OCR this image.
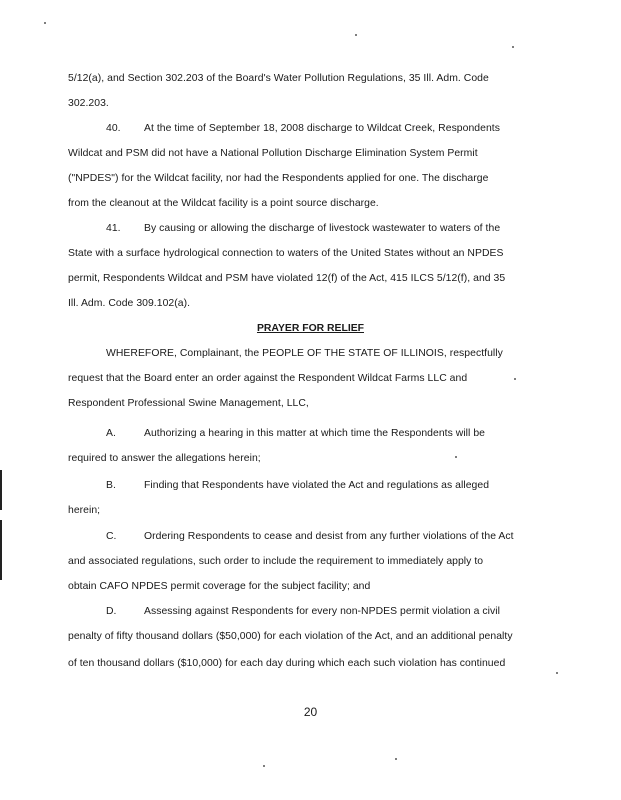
5/12(a), and Section 302.203 of the Board's Water Pollution Regulations, 35 Ill. Adm. Code
302.203.
40. At the time of September 18, 2008 discharge to Wildcat Creek, Respondents
Wildcat and PSM did not have a National Pollution Discharge Elimination System Permit
("NPDES") for the Wildcat facility, nor had the Respondents applied for one. The discharge
from the cleanout at the Wildcat facility is a point source discharge.
41. By causing or allowing the discharge of livestock wastewater to waters of the
State with a surface hydrological connection to waters of the United States without an NPDES
permit, Respondents Wildcat and PSM have violated 12(f) of the Act, 415 ILCS 5/12(f), and 35
Ill. Adm. Code 309.102(a).
PRAYER FOR RELIEF
WHEREFORE, Complainant, the PEOPLE OF THE STATE OF ILLINOIS, respectfully
request that the Board enter an order against the Respondent Wildcat Farms LLC and
Respondent Professional Swine Management, LLC,
A.	Authorizing a hearing in this matter at which time the Respondents will be
required to answer the allegations herein;
B.	Finding that Respondents have violated the Act and regulations as alleged
herein;
C.	Ordering Respondents to cease and desist from any further violations of the Act
and associated regulations, such order to include the requirement to immediately apply to
obtain CAFO NPDES permit coverage for the subject facility; and
D.	Assessing against Respondents for every non-NPDES permit violation a civil
penalty of fifty thousand dollars ($50,000) for each violation of the Act, and an additional penalty
of ten thousand dollars ($10,000) for each day during which each such violation has continued
20
